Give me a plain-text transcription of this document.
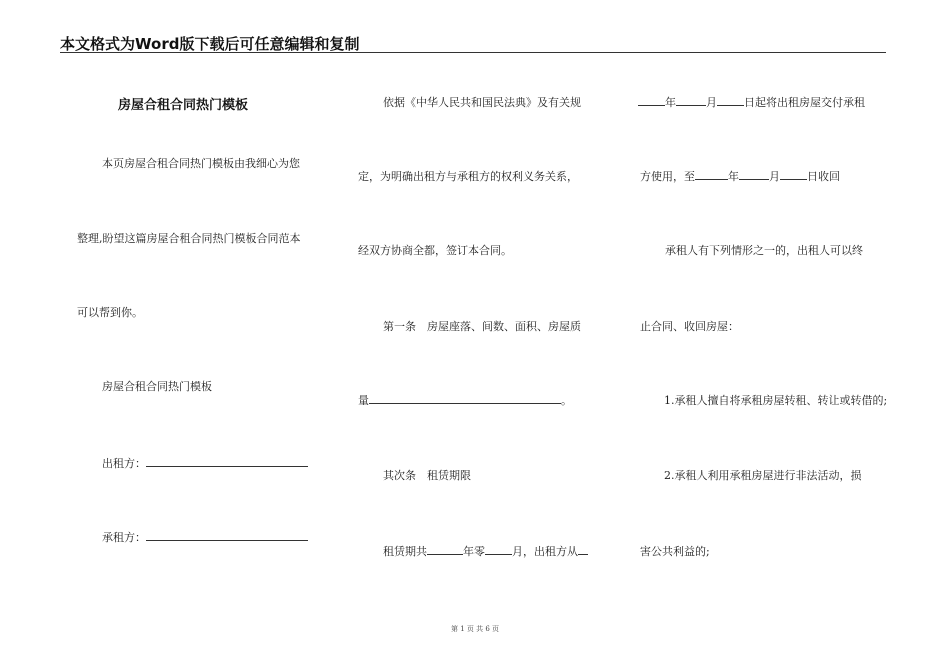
本文格式为Word版下载后可任意编辑和复制
房屋合租合同热门模板
本页房屋合租合同热门模板由我细心为您
整理,盼望这篇房屋合租合同热门模板合同范本
可以帮到你。
房屋合租合同热门模板
出租方：
承租方：
依据《中华人民共和国民法典》及有关规
定，为明确出租方与承租方的权利义务关系，
经双方协商全都，签订本合同。
第一条　房屋座落、间数、面积、房屋质
量	。
其次条　租赁期限
租赁期共	年零 月，出租方从
年	月 日起将出租房屋交付承租
方使用，至	年	月 日收回
承租人有下列情形之一的，出租人可以终
止合同、收回房屋：
1.承租人擅自将承租房屋转租、转让或转借的;
2.承租人利用承租房屋进行非法活动，损
害公共利益的;
第 1 页 共 6 页
